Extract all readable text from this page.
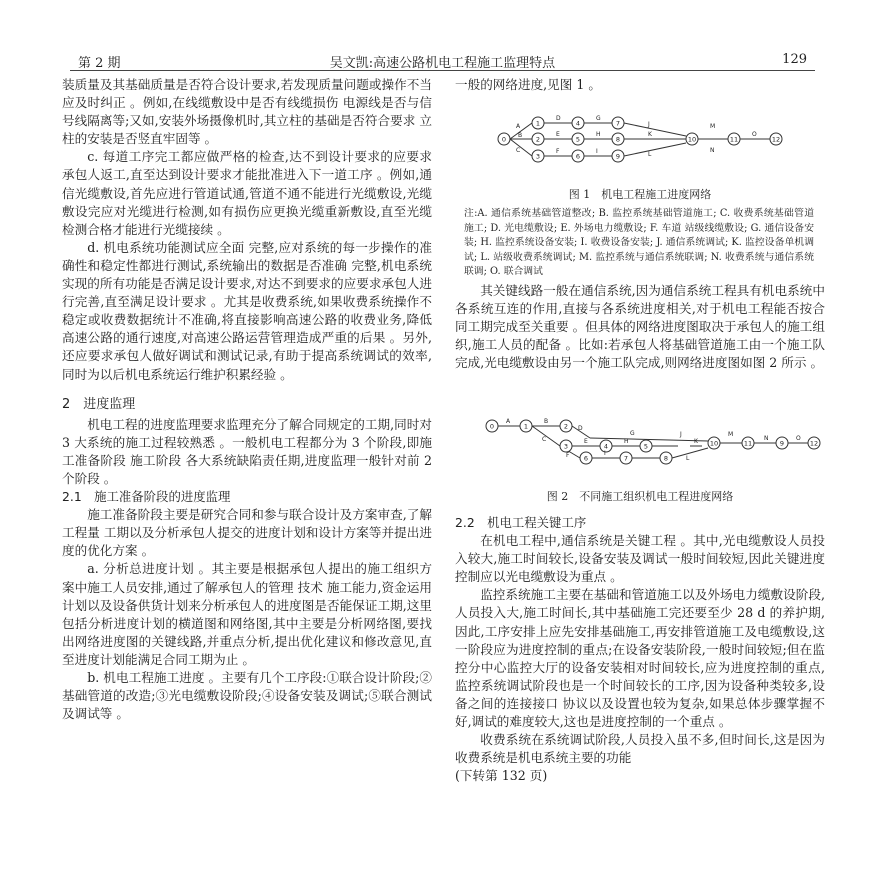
第 2 期	吴文凯:高速公路机电工程施工监理特点	129

装质量及其基础质量是否符合设计要求,若发现质量问题或操作不当应及时纠正 。例如,在线缆敷设中是否有线缆损伤 电源线是否与信号线隔离等;又如,安装外场摄像机时,其立柱的基础是否符合要求 立柱的安装是否竖直牢固等 。

c. 每道工序完工都应做严格的检查,达不到设计要求的应要求承包人返工,直至达到设计要求才能批准进入下一道工序 。例如,通信光缆敷设,首先应进行管道试通,管道不通不能进行光缆敷设,光缆敷设完应对光缆进行检测,如有损伤应更换光缆重新敷设,直至光缆检测合格才能进行光缆接续 。

d. 机电系统功能测试应全面 完整,应对系统的每一步操作的准确性和稳定性都进行测试,系统输出的数据是否准确 完整,机电系统实现的所有功能是否满足设计要求,对达不到要求的应要求承包人进行完善,直至满足设计要求 。尤其是收费系统,如果收费系统操作不稳定或收费数据统计不准确,将直接影响高速公路的收费业务,降低高速公路的通行速度,对高速公路运营管理造成严重的后果 。另外,还应要求承包人做好调试和测试记录,有助于提高系统调试的效率,同时为以后机电系统运行维护积累经验 。

2　进度监理

机电工程的进度监理要求监理充分了解合同规定的工期,同时对 3 大系统的施工过程较熟悉 。一般机电工程都分为 3 个阶段,即施工准备阶段 施工阶段 各大系统缺陷责任期,进度监理一般针对前 2 个阶段 。

2.1　施工准备阶段的进度监理

施工准备阶段主要是研究合同和参与联合设计及方案审查,了解工程量 工期以及分析承包人提交的进度计划和设计方案等并提出进度的优化方案 。

a. 分析总进度计划 。其主要是根据承包人提出的施工组织方案中施工人员安排,通过了解承包人的管理 技术 施工能力,资金运用计划以及设备供货计划来分析承包人的进度图是否能保证工期,这里包括分析进度计划的横道图和网络图,其中主要是分析网络图,要找出网络进度图的关键线路,并重点分析,提出优化建议和修改意见,直至进度计划能满足合同工期为止 。

b. 机电工程施工进度 。主要有几个工序段:①联合设计阶段;②基础管道的改造;③光电缆敷设阶段;④设备安装及调试;⑤联合测试及调试等 。

一般的网络进度,见图 1 。

0
1
2
3
4
5
6
7
8
9
10	11	12
A
B
C
D
E
F
G
H
I
J
K
L
M
N
O
图 1　机电工程施工进度网络
注:A. 通信系统基础管道整改; B. 监控系统基础管道施工; C. 收费系统基础管道施工; D. 光电缆敷设; E. 外场电力缆敷设; F. 车道 站级线缆敷设; G. 通信设备安装; H. 监控系统设备安装; I. 收费设备安装; J. 通信系统调试; K. 监控设备单机调试; L. 站级收费系统调试; M. 监控系统与通信系统联调; N. 收费系统与通信系统联调; O. 联合调试

其关键线路一般在通信系统,因为通信系统工程具有机电系统中各系统互连的作用,直接与各系统进度相关,对于机电工程能否按合同工期完成至关重要 。但具体的网络进度图取决于承包人的施工组织,施工人员的配备 。比如:若承包人将基础管道施工由一个施工队完成,光电缆敷设由另一个施工队完成,则网络进度图如图 2 所示 。

0	1	2
3	4	5
6	7	8
10	11	9	12
A	B
C
D
E
F
G
H
I
J
K
L
M
N	O
图 2　不同施工组织机电工程进度网络

2.2　机电工程关键工序

在机电工程中,通信系统是关键工程 。其中,光电缆敷设人员投入较大,施工时间较长,设备安装及调试一般时间较短,因此关键进度控制应以光电缆敷设为重点 。

监控系统施工主要在基础和管道施工以及外场电力缆敷设阶段,人员投入大,施工时间长,其中基础施工完还要至少 28 d 的养护期,因此,工序安排上应先安排基础施工,再安排管道施工及电缆敷设,这一阶段应为进度控制的重点;在设备安装阶段,一般时间较短;但在监控分中心监控大厅的设备安装相对时间较长,应为进度控制的重点,监控系统调试阶段也是一个时间较长的工序,因为设备种类较多,设备之间的连接接口 协议以及设置也较为复杂,如果总体步骤掌握不好,调试的难度较大,这也是进度控制的一个重点 。

收费系统在系统调试阶段,人员投入虽不多,但时间长,这是因为收费系统是机电系统主要的功能

(下转第 132 页)
